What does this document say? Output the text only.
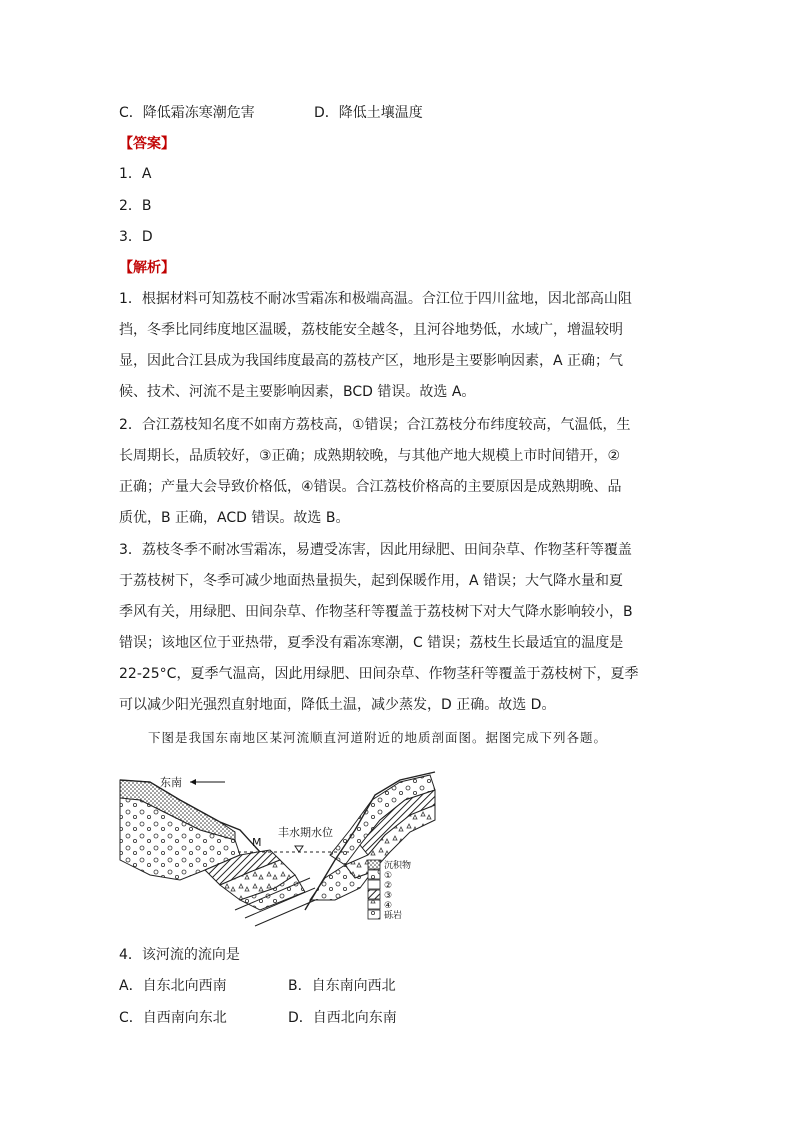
C．降低霜冻寒潮危害	D．降低土壤温度
【答案】
1．A
2．B
3．D
【解析】
1．根据材料可知荔枝不耐冰雪霜冻和极端高温。合江位于四川盆地，因北部高山阻
挡，冬季比同纬度地区温暖，荔枝能安全越冬，且河谷地势低，水域广，增温较明
显，因此合江县成为我国纬度最高的荔枝产区，地形是主要影响因素，A 正确；气
候、技术、河流不是主要影响因素，BCD 错误。故选 A。
2．合江荔枝知名度不如南方荔枝高，①错误；合江荔枝分布纬度较高，气温低，生
长周期长，品质较好，③正确；成熟期较晚，与其他产地大规模上市时间错开，②
正确；产量大会导致价格低，④错误。合江荔枝价格高的主要原因是成熟期晚、品
质优，B 正确，ACD 错误。故选 B。
3．荔枝冬季不耐冰雪霜冻，易遭受冻害，因此用绿肥、田间杂草、作物茎秆等覆盖
于荔枝树下，冬季可减少地面热量损失，起到保暖作用，A 错误；大气降水量和夏
季风有关，用绿肥、田间杂草、作物茎秆等覆盖于荔枝树下对大气降水影响较小，B
错误；该地区位于亚热带，夏季没有霜冻寒潮，C 错误；荔枝生长最适宜的温度是
22-25°C，夏季气温高，因此用绿肥、田间杂草、作物茎秆等覆盖于荔枝树下，夏季
可以减少阳光强烈直射地面，降低土温，减少蒸发，D 正确。故选 D。
下图是我国东南地区某河流顺直河道附近的地质剖面图。据图完成下列各题。
东南
M
丰水期水位
沉积物
①
②
③
④
砾岩
4．该河流的流向是
A．自东北向西南	B．自东南向西北
C．自西南向东北	D．自西北向东南
